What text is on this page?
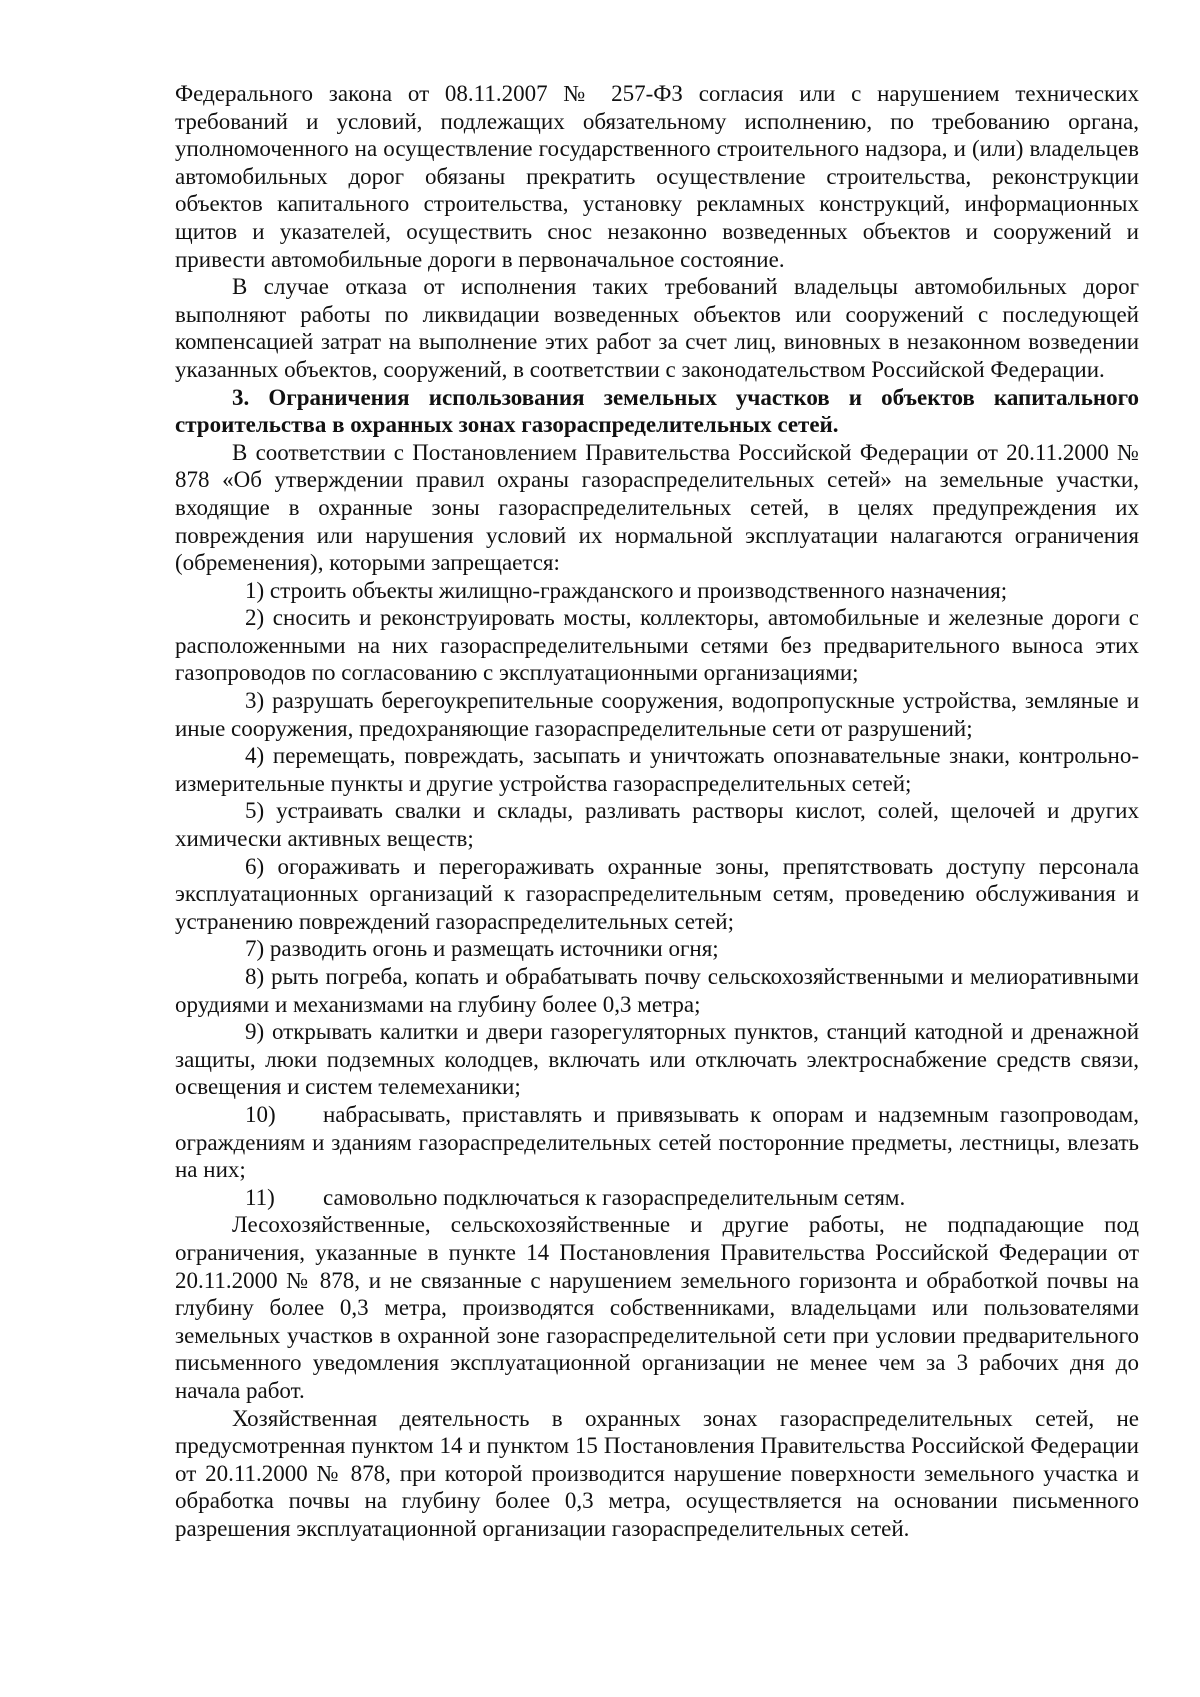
Федерального закона от 08.11.2007 № 257-ФЗ согласия или с нарушением технических требований и условий, подлежащих обязательному исполнению, по требованию органа, уполномоченного на осуществление государственного строительного надзора, и (или) владельцев автомобильных дорог обязаны прекратить осуществление строительства, реконструкции объектов капитального строительства, установку рекламных конструкций, информационных щитов и указателей, осуществить снос незаконно возведенных объектов и сооружений и привести автомобильные дороги в первоначальное состояние.

В случае отказа от исполнения таких требований владельцы автомобильных дорог выполняют работы по ликвидации возведенных объектов или сооружений с последующей компенсацией затрат на выполнение этих работ за счет лиц, виновных в незаконном возведении указанных объектов, сооружений, в соответствии с законодательством Российской Федерации.

3. Ограничения использования земельных участков и объектов капитального строительства в охранных зонах газораспределительных сетей.

В соответствии с Постановлением Правительства Российской Федерации от 20.11.2000 № 878 «Об утверждении правил охраны газораспределительных сетей» на земельные участки, входящие в охранные зоны газораспределительных сетей, в целях предупреждения их повреждения или нарушения условий их нормальной эксплуатации налагаются ограничения (обременения), которыми запрещается:

1) строить объекты жилищно-гражданского и производственного назначения;

2) сносить и реконструировать мосты, коллекторы, автомобильные и железные дороги с расположенными на них газораспределительными сетями без предварительного выноса этих газопроводов по согласованию с эксплуатационными организациями;

3) разрушать берегоукрепительные сооружения, водопропускные устройства, земляные и иные сооружения, предохраняющие газораспределительные сети от разрушений;

4) перемещать, повреждать, засыпать и уничтожать опознавательные знаки, контрольно-измерительные пункты и другие устройства газораспределительных сетей;

5) устраивать свалки и склады, разливать растворы кислот, солей, щелочей и других химически активных веществ;

6) огораживать и перегораживать охранные зоны, препятствовать доступу персонала эксплуатационных организаций к газораспределительным сетям, проведению обслуживания и устранению повреждений газораспределительных сетей;

7) разводить огонь и размещать источники огня;

8) рыть погреба, копать и обрабатывать почву сельскохозяйственными и мелиоративными орудиями и механизмами на глубину более 0,3 метра;

9) открывать калитки и двери газорегуляторных пунктов, станций катодной и дренажной защиты, люки подземных колодцев, включать или отключать электроснабжение средств связи, освещения и систем телемеханики;

10) набрасывать, приставлять и привязывать к опорам и надземным газопроводам, ограждениям и зданиям газораспределительных сетей посторонние предметы, лестницы, влезать на них;

11) самовольно подключаться к газораспределительным сетям.

Лесохозяйственные, сельскохозяйственные и другие работы, не подпадающие под ограничения, указанные в пункте 14 Постановления Правительства Российской Федерации от 20.11.2000 № 878, и не связанные с нарушением земельного горизонта и обработкой почвы на глубину более 0,3 метра, производятся собственниками, владельцами или пользователями земельных участков в охранной зоне газораспределительной сети при условии предварительного письменного уведомления эксплуатационной организации не менее чем за 3 рабочих дня до начала работ.

Хозяйственная деятельность в охранных зонах газораспределительных сетей, не предусмотренная пунктом 14 и пунктом 15 Постановления Правительства Российской Федерации от 20.11.2000 № 878, при которой производится нарушение поверхности земельного участка и обработка почвы на глубину более 0,3 метра, осуществляется на основании письменного разрешения эксплуатационной организации газораспределительных сетей.
